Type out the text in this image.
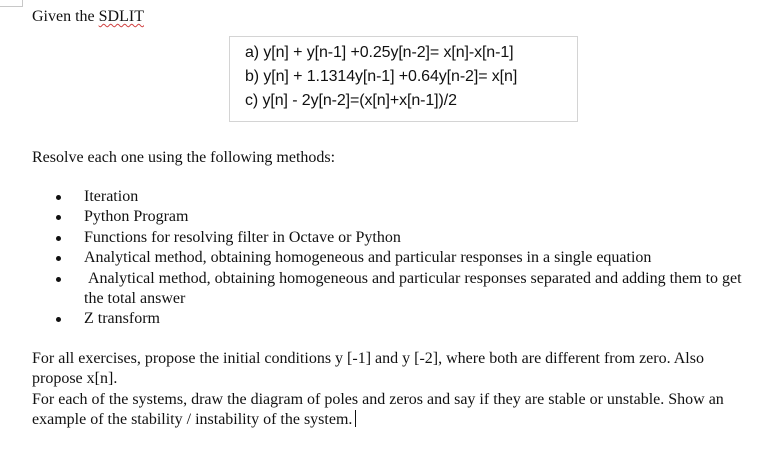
Given the SDLIT
a) y[n] + y[n-1] +0.25y[n-2]= x[n]-x[n-1]
b) y[n] + 1.1314y[n-1] +0.64y[n-2]= x[n]
c) y[n] - 2y[n-2]=(x[n]+x[n-1])/2
Resolve each one using the following methods:
Iteration
Python Program
Functions for resolving filter in Octave or Python
Analytical method, obtaining homogeneous and particular responses in a single equation
Analytical method, obtaining homogeneous and particular responses separated and adding them to get the total answer
Z transform

For all exercises, propose the initial conditions y [-1] and y [-2], where both are different from zero. Also propose x[n].

For each of the systems, draw the diagram of poles and zeros and say if they are stable or unstable. Show an example of the stability / instability of the system.
